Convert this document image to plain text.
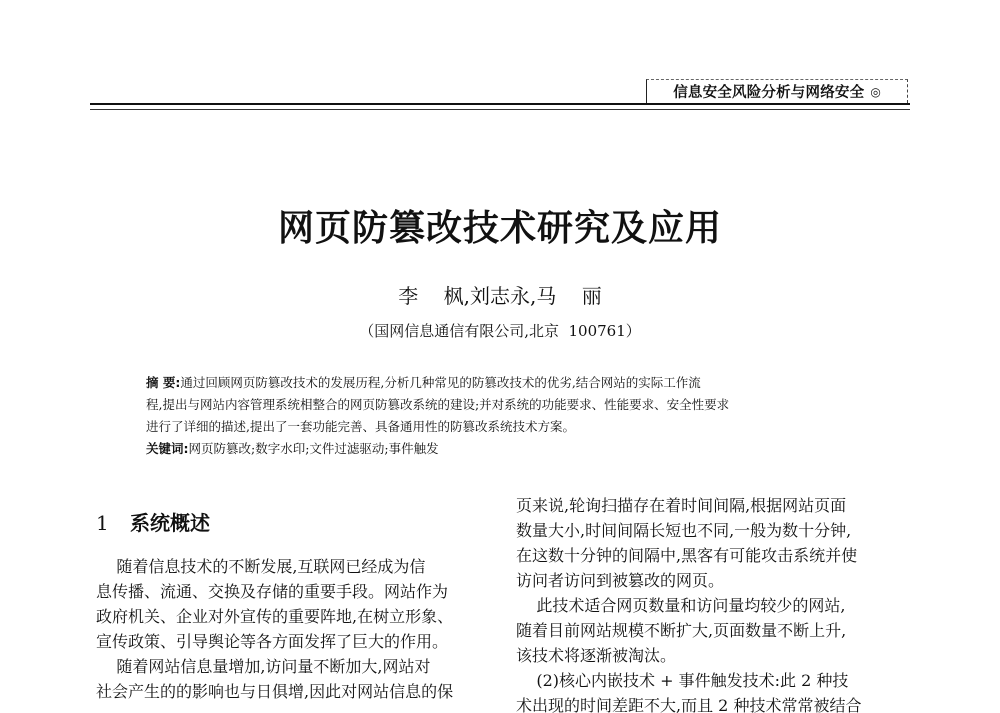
信息安全风险分析与网络安全 ◎
网页防篡改技术研究及应用
李    枫,刘志永,马    丽
（国网信息通信有限公司,北京  100761）
摘 要:通过回顾网页防篡改技术的发展历程,分析几种常见的防篡改技术的优劣,结合网站的实际工作流
程,提出与网站内容管理系统相整合的网页防篡改系统的建设;并对系统的功能要求、性能要求、安全性要求
进行了详细的描述,提出了一套功能完善、具备通用性的防篡改系统技术方案。
关键词:网页防篡改;数字水印;文件过滤驱动;事件触发
1 系统概述
随着信息技术的不断发展,互联网已经成为信
息传播、流通、交换及存储的重要手段。网站作为
政府机关、企业对外宣传的重要阵地,在树立形象、
宣传政策、引导舆论等各方面发挥了巨大的作用。
随着网站信息量增加,访问量不断加大,网站对
社会产生的的影响也与日俱增,因此对网站信息的保
页来说,轮询扫描存在着时间间隔,根据网站页面
数量大小,时间间隔长短也不同,一般为数十分钟,
在这数十分钟的间隔中,黑客有可能攻击系统并使
访问者访问到被篡改的网页。
此技术适合网页数量和访问量均较少的网站,
随着目前网站规模不断扩大,页面数量不断上升,
该技术将逐渐被淘汰。
(2)核心内嵌技术 + 事件触发技术:此 2 种技
术出现的时间差距不大,而且 2 种技术常常被结合
